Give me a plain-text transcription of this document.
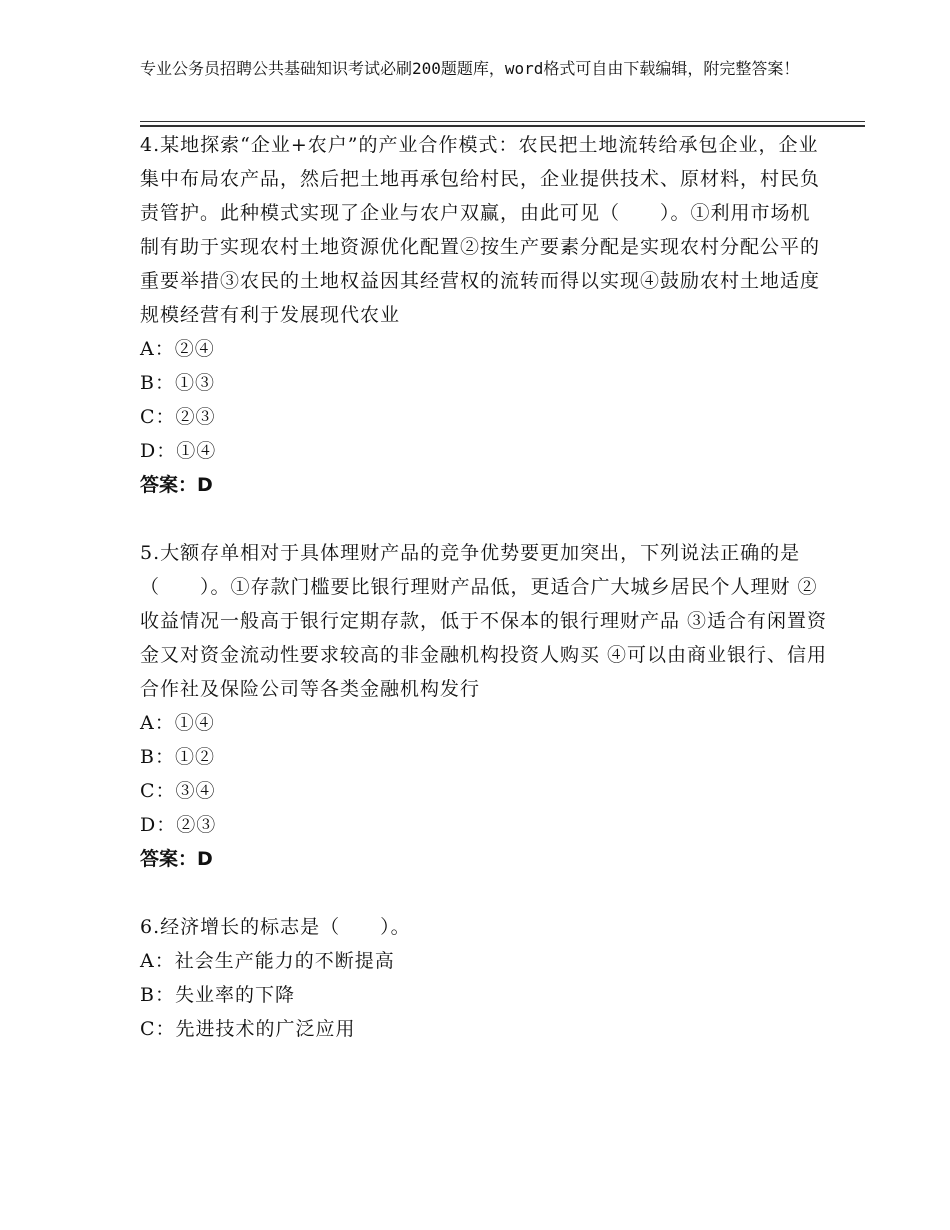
专业公务员招聘公共基础知识考试必刷200题题库，word格式可自由下载编辑，附完整答案！

4.某地探索“企业+农户”的产业合作模式：农民把土地流转给承包企业，企业集中布局农产品，然后把土地再承包给村民，企业提供技术、原材料，村民负责管护。此种模式实现了企业与农户双赢，由此可见（　　）。①利用市场机制有助于实现农村土地资源优化配置②按生产要素分配是实现农村分配公平的重要举措③农民的土地权益因其经营权的流转而得以实现④鼓励农村土地适度规模经营有利于发展现代农业

A：②④

B：①③

C：②③

D：①④

答案：D

5.大额存单相对于具体理财产品的竞争优势要更加突出，下列说法正确的是（　　）。①存款门槛要比银行理财产品低，更适合广大城乡居民个人理财 ②收益情况一般高于银行定期存款，低于不保本的银行理财产品 ③适合有闲置资金又对资金流动性要求较高的非金融机构投资人购买 ④可以由商业银行、信用合作社及保险公司等各类金融机构发行

A：①④

B：①②

C：③④

D：②③

答案：D

6.经济增长的标志是（　　）。

A：社会生产能力的不断提高

B：失业率的下降

C：先进技术的广泛应用
